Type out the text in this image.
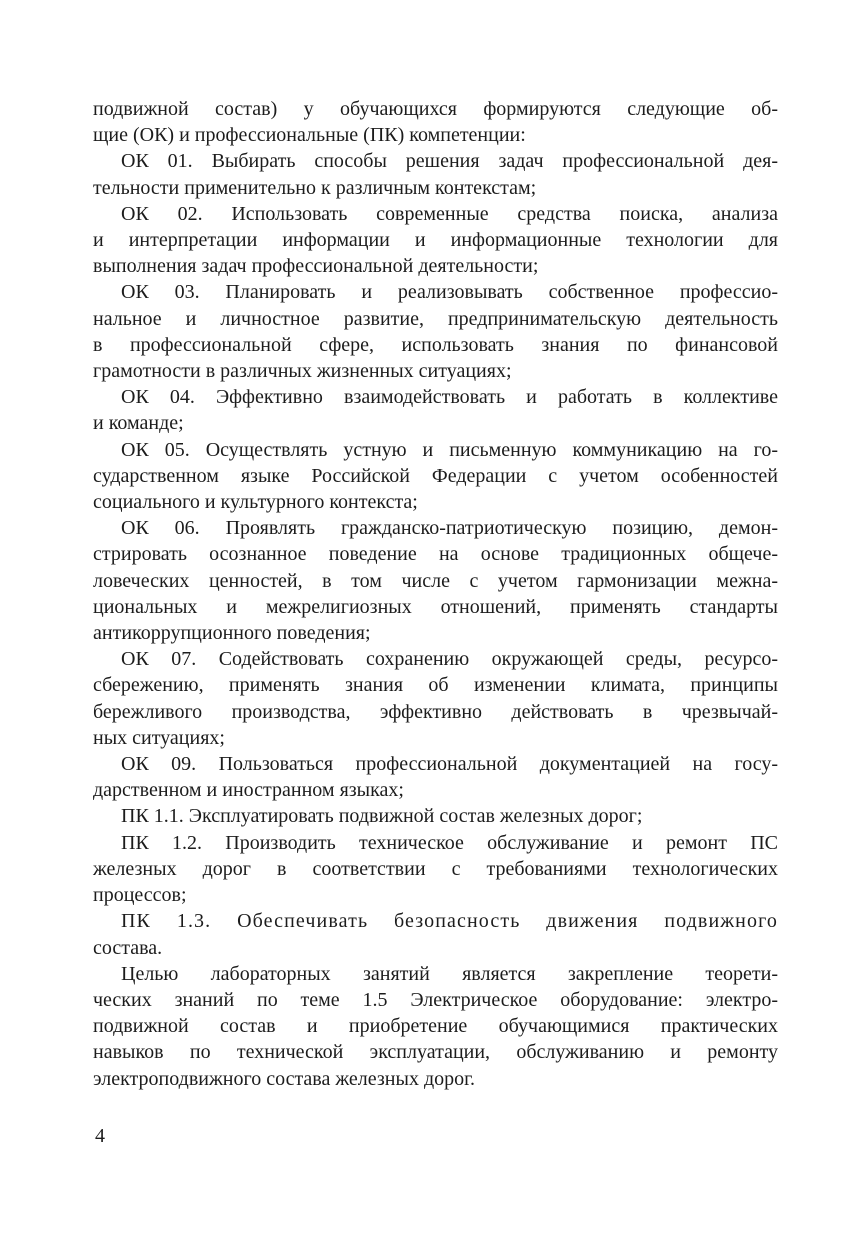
подвижной состав) у обучающихся формируются следующие об-
щие (ОК) и профессиональные (ПК) компетенции:
ОК 01. Выбирать способы решения задач профессиональной дея-
тельности применительно к различным контекстам;
ОК 02. Использовать современные средства поиска, анализа
и интерпретации информации и информационные технологии для
выполнения задач профессиональной деятельности;
ОК 03. Планировать и реализовывать собственное профессио-
нальное и личностное развитие, предпринимательскую деятельность
в профессиональной сфере, использовать знания по финансовой
грамотности в различных жизненных ситуациях;
ОК 04. Эффективно взаимодействовать и работать в коллективе
и команде;
ОК 05. Осуществлять устную и письменную коммуникацию на го-
сударственном языке Российской Федерации с учетом особенностей
социального и культурного контекста;
ОК 06. Проявлять гражданско-патриотическую позицию, демон-
стрировать осознанное поведение на основе традиционных общече-
ловеческих ценностей, в том числе с учетом гармонизации межна-
циональных и межрелигиозных отношений, применять стандарты
антикоррупционного поведения;
ОК 07. Содействовать сохранению окружающей среды, ресурсо-
сбережению, применять знания об изменении климата, принципы
бережливого производства, эффективно действовать в чрезвычай-
ных ситуациях;
ОК 09. Пользоваться профессиональной документацией на госу-
дарственном и иностранном языках;
ПК 1.1. Эксплуатировать подвижной состав железных дорог;
ПК 1.2. Производить техническое обслуживание и ремонт ПС
железных дорог в соответствии с требованиями технологических
процессов;
ПК 1.3. Обеспечивать безопасность движения подвижного
состава.
Целью лабораторных занятий является закрепление теорети-
ческих знаний по теме 1.5 Электрическое оборудование: электро-
подвижной состав и приобретение обучающимися практических
навыков по технической эксплуатации, обслуживанию и ремонту
электроподвижного состава железных дорог.
4
